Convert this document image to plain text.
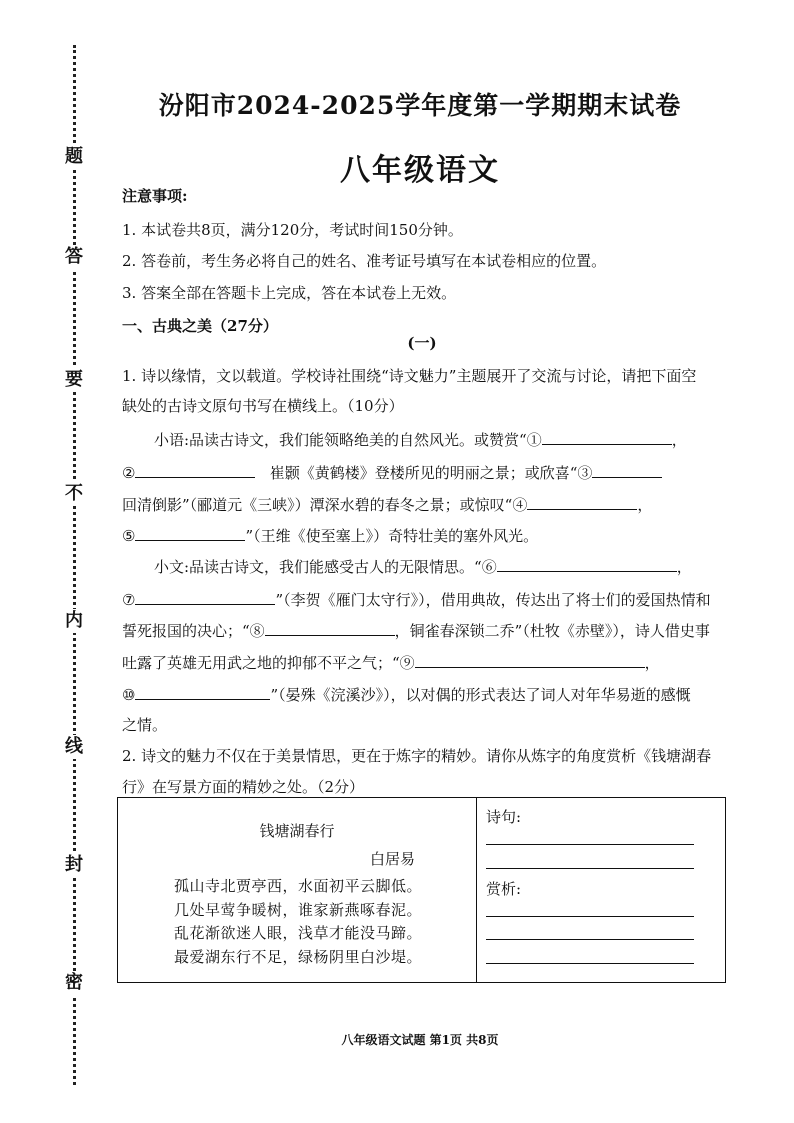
题
答
要
不
内
线
封
密
汾阳市2024-2025学年度第一学期期末试卷
八年级语文
注意事项:
1. 本试卷共8页，满分120分，考试时间150分钟。
2. 答卷前，考生务必将自己的姓名、准考证号填写在本试卷相应的位置。
3. 答案全部在答题卡上完成，答在本试卷上无效。
一、古典之美（27分）
(一)
1. 诗以缘情，文以载道。学校诗社围绕“诗文魅力”主题展开了交流与讨论，请把下面空
缺处的古诗文原句书写在横线上。（10分）
小语:品读古诗文，我们能领略绝美的自然风光。或赞赏“①	，
②	崔颢《黄鹤楼》登楼所见的明丽之景；或欣喜“③
回清倒影”（郦道元《三峡》）潭深水碧的春冬之景；或惊叹“④	，
⑤	”（王维《使至塞上》）奇特壮美的塞外风光。
小文:品读古诗文，我们能感受古人的无限情思。“⑥	，
⑦	”（李贺《雁门太守行》），借用典故，传达出了将士们的爱国热情和
誓死报国的决心；“⑧	，铜雀春深锁二乔”（杜牧《赤壁》），诗人借史事
吐露了英雄无用武之地的抑郁不平之气；“⑨	，
⑩	”（晏殊《浣溪沙》），以对偶的形式表达了词人对年华易逝的感慨
之情。
2. 诗文的魅力不仅在于美景情思，更在于炼字的精妙。请你从炼字的角度赏析《钱塘湖春
行》在写景方面的精妙之处。（2分）
钱塘湖春行
白居易
孤山寺北贾亭西，水面初平云脚低。
几处早莺争暖树，谁家新燕啄春泥。
乱花渐欲迷人眼，浅草才能没马蹄。
最爱湖东行不足，绿杨阴里白沙堤。
诗句:
赏析:
八年级语文试题 第1页 共8页
